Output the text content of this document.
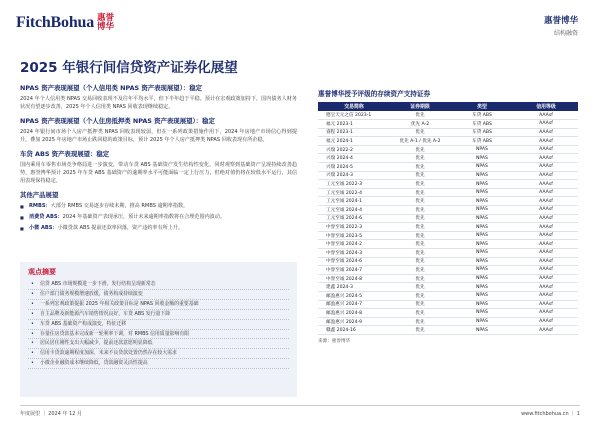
FitchBohua 惠誉
博华
惠誉博华
结构融资
2025 年银行间信贷资产证券化展望
NPAS 资产表现展望（个人信用类 NPAS 资产表现展望）：稳定
2024 年个人信用类 NPAS 交易回收表现不及往年平均水平，但下半年趋于平稳。预计在宏观政策加持下，国内债务人财务状况有望逐步改善，2025 年个人信用类 NPAS 回收表现继续稳定。
NPAS 资产表现展望（个人住房抵押类 NPAS 资产表现展望）：稳定
2024 年银行间市场个人房产抵押类 NPAS 回收表现较弱，但在一系列政策措施作用下，2024 年房地产市场信心得到提升，叠加 2025 年房地产市场止跌回稳的政策目标，预计 2025 年个人房产抵押类 NPAS 回收表现有所企稳。
车贷 ABS 资产表现展望：稳定
国内乘用车零售市场竞争格局进一步演变，带动车贷 ABS 基础资产发生结构性变化，同时观察到基础资产呈现持续改善趋势，惠誉博华预计 2025 年车贷 ABS 基础资产的逾期率水平可能面临一定上行压力，但绝对值仍将在较低水平运行，其信用表现保持稳定。
其他产品展望
■ RMBS：大部分 RMBS 交易逐步存续末期，推高 RMBS 逾期率指数。
■ 消费贷 ABS：2024 年基础资产表现承压，预计未来逾期率指数将在合理范围内波动。
■ 小微 ABS：小微贷款 ABS 提前还款率回落，资产违约率有所上升。
观点摘要
• 信贷 ABS 市场规模进一步下滑，发行结构呈现新常态
• 住户部门债务规模增速放缓，债务构成持续演变
• 一系列宏观政策提振 2025 年相关政策目标是 NPAS 回收金额的重要基础
• 自主品牌及新能源汽车销售情况良好，车贷 ABS 发行量下降
• 车贷 ABS 基础资产构成演变，特征迁移
• 存量住房贷款基本完成新一轮利率下调，对 RMBS 信用质量影响有限
• 居民居住刚性支出大幅减少，提前还款意愿明显降低
• 信用卡贷款逾期程度加深，未来不良贷款处置仍然存在较大需求
• 小微企业融资成本继续降低，贷款融资灵活性提高
惠誉博华授予评级的存续资产支持证券
交易简称	证券期限	类型	信用等级
德宝天元之信 2023-1	优先	车贷 ABS	AAAsf
福元 2023-1	优先 A-2	车贷 ABS	AAAsf
睿程 2023-1	优先	车贷 ABS	AAAsf
福元 2024-1	优先 A-1 / 优先 A-2	车贷 ABS	AAAsf
兴瑞 2022-2	优先	NPAS	AAAsf
兴瑞 2024-4	优先	NPAS	AAAsf
兴瑞 2024-5	优先	NPAS	AAAsf
兴瑞 2024-3	优先	NPAS	AAAsf
工元至诚 2022-3	优先	NPAS	AAAsf
工元至诚 2022-4	优先	NPAS	AAAsf
工元至诚 2024-1	优先	NPAS	AAAsf
工元至诚 2024-4	优先	NPAS	AAAsf
工元至诚 2024-6	优先	NPAS	AAAsf
中誉至诚 2022-3	优先	NPAS	AAAsf
中誉至诚 2023-5	优先	NPAS	AAAsf
中誉至诚 2024-2	优先	NPAS	AAAsf
中誉至诚 2024-3	优先	NPAS	AAAsf
中誉至诚 2024-6	优先	NPAS	AAAsf
中誉至诚 2024-7	优先	NPAS	AAAsf
中誉至诚 2024-8	优先	NPAS	AAAsf
建鑫 2024-3	优先	NPAS	AAAsf
邮盈惠兴 2024-5	优先	NPAS	AAAsf
邮盈惠兴 2024-7	优先	NPAS	AAAsf
邮盈惠兴 2024-8	优先	NPAS	AAAsf
邮盈惠兴 2024-9	优先	NPAS	AAAsf
赣鑫 2024-16	优先	NPAS	AAAsf
来源：惠誉博华
年度展望 ｜ 2024 年 12 月	www.fitchbohua.cn ｜ 1
